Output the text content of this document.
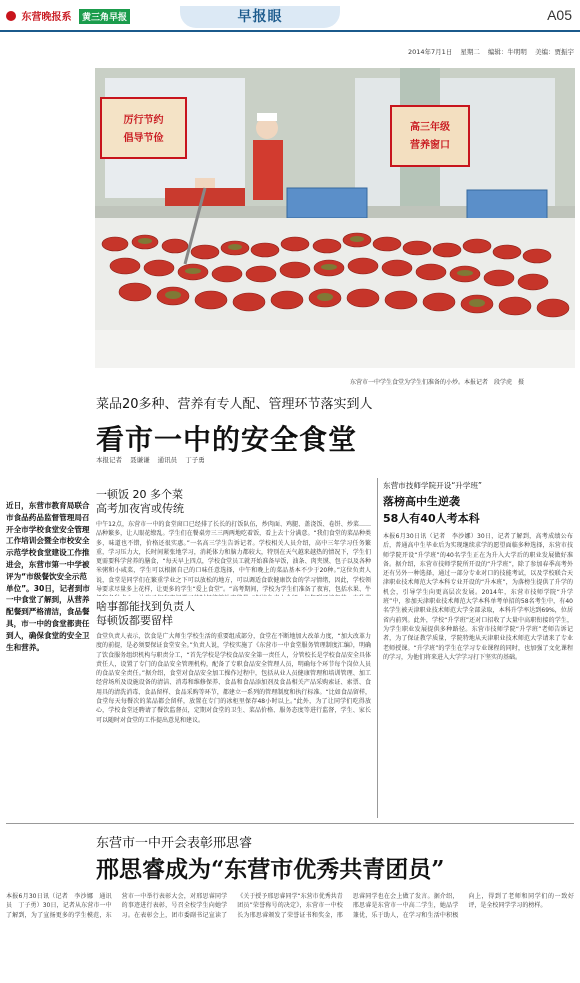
东营晚报系 黄三角早报	早报眼	A05
2014年7月1日 星期二 编辑：牛明明 美编：贾振宇
厉行节约
倡导节俭
高三年级
营养窗口
东营市一中学生食堂为学生们准备的小炒。本报记者　段学虎　摄
菜品20多种、营养有专人配、管理环节落实到人
看市一中的安全食堂
本报记者 聂谦谦 通讯员 丁子勇
近日，东营市教育局联合市食品药品监督管理局召开全市学校食堂安全管理工作培训会暨全市校安全示范学校食堂建设工作推进会，东营市第一中学被评为“市级餐饮安全示范单位”。30日，记者到市一中食堂了解到，从营养配餐到严格清洁，食品餐具，市一中的食堂都责任到人，确保食堂的安全卫生和营养。
一顿饭 20 多个菜
高考加夜宵或传统
中午12点，东营市一中的食堂窗口已经排了长长的打饭队伍，炒肉面、鸡腿、盖浇饭、卷饼、炒菜……品种繁多，让人眼花缭乱。学生们在餐桌旁三三两两地吃着饭，看上去十分满意。“我们食堂的菜品种类多，味道也不错，价格还很实惠。”一名高三学生告诉记者。学校相关人员介绍，高中三年学习任务繁重，学习压力大，长时间紧张地学习，消耗体力和脑力都较大，特别在天气越来越热的情况下，学生们更需要科学营养的膳食，“每天早上四点，学校食堂员工就开始准备早饭，油条、肉夹馍、包子以及各种米粥和小咸菜，学生可以根据自己的口味任意选择，中午和晚上的菜品基本不少于20种。”这位负责人说，食堂是同学们在繁重学业之下可以放松的地方，可以调适食欲健康饮食的学习情绪，因此，学校领导要求尽量多上花样，让更多的学生“爱上食堂”。“高考期间，学校为学生们准备了夜宵，包括水果、牛
啥事都能找到负责人
每顿饭都要留样
食堂负责人表示，饮食是广大师生学校生活的重要组成部分，食堂在不断地加大改革力度，“加大改革力度的前提，是必须要保证食堂安全。”负责人说，学校实施了《东营市一中食堂服务管理制度汇编》，明确了饮食服务组织机构与职责分工，“首先学校是学校食品安全第一责任人，分管校长是学校食品安全具体责任人，设置了专门的食品安全管理机构，配备了专职食品安全管理人员，明确每个环节每个岗位人员的食品安全责任。”据介绍，食堂对食品安全加工操作过程中，包括从业人员健康管理和培训管理、加工经营场所及设施设备的清洁、消毒和维修保养、食品和食品添加剂及食品相关产品采购索证、索票、食用具的清洗消毒、食品留样、食品采购等环节，都建立一系列的管理制度和执行标准。“比如食品留样，食堂每天每餐次的菜品都会留样，放置在专门的冰柜里保存48小时以上。”此外，为了让同学们吃得放心，学校食堂还聘请了餐饮监督员，定期对食堂的卫生、菜品价格、服务态度等进行监督，学生、家长可以随时对食堂的工作提出意见和建议。
东营市技师学院开设“升学班”
落榜高中生逆袭
58人有40人考本科
本报6月30日讯（记者　李沙娜）30日，记者了解到，高考成绩公布后，普通高中生毕业后为实现继续求学的愿望面临多种选择，东营市技师学院开设“升学班”的40名学生正在为升入大学后的职业发展做好准备。据介绍，东营市技师学院所开设的“升学班”，除了参加春季高考外还有另外一种选择，通过一部分专业对口的技能考试，以及学校联合天津职业技术师范大学本科专业开设的“升本班”，为落榜生提供了升学的机会，引导学生向更高层次发展。2014年，东营市技师学院“升学班”中，参加天津职业技术师范大学本科单考单招的58名考生中，有40名学生被天津职业技术师范大学全部录取，本科升学率达到69%，位居省内前列。此外，学校“升学班”还对口招收了大量中高职衔接的学生，为学生职业发展提供多种路径。东营市技师学院“升学班”老师告诉记者，为了保证教学质量，学院特地从天津职业技术师范大学请来了专业老师授课。“升学班”的学生在学习专业课程的同时，也加强了文化课程的学习，为他们将来进入大学学习打下坚实的基础。
东营市一中开会表彰邢思睿
邢思睿成为“东营市优秀共青团员”
本报6月30日讯（记者　李沙娜　通讯员　丁子勇）30日，记者从东营市一中了解到，为了宣扬更多的学生模范，东营市一中举行表彰大会，对邢思睿同学的事迹进行表彰，号召全校学生向她学习。在表彰会上，团市委副书记宣读了《关于授予邢思睿同学“东营市优秀共青团员”荣誉称号的决定》，东营市一中校长为邢思睿颁发了荣誉证书和奖金，邢思睿同学也在会上做了发言。据介绍，邢思睿是东营市一中高二学生，她品学兼优，乐于助人，在学习和生活中积极向上，得到了老师和同学们的一致好评，是全校同学学习的榜样。
